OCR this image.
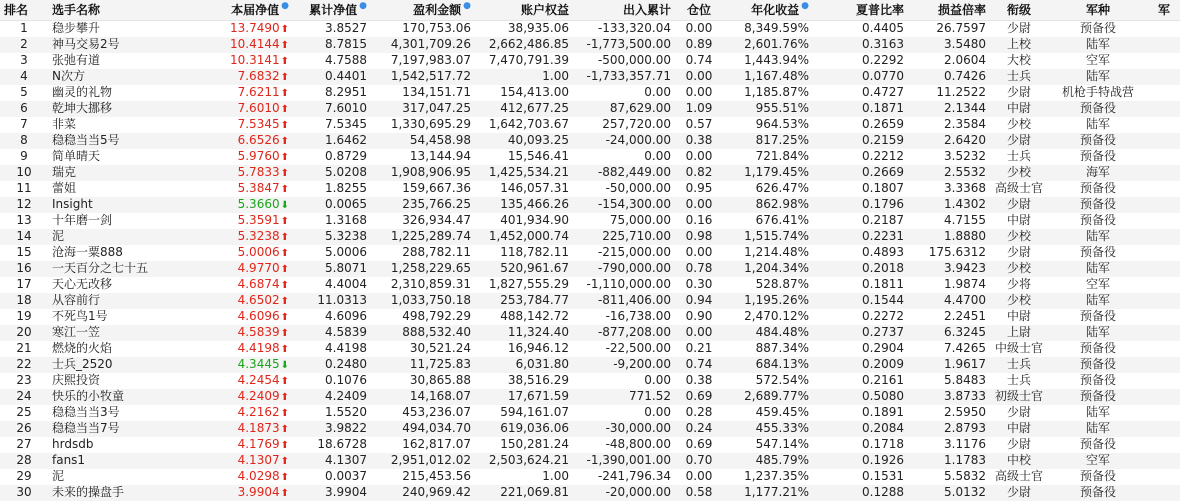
排名	选手名称	本届净值 ●	累计净值 ●	盈利金额 ●	账户权益	出入累计	仓位	年化收益 ●	夏普比率	损益倍率	衔级	军种	军
1	稳步攀升	13.7490⬆	3.8527	170,753.06	38,935.06	-133,320.04	0.00	8,349.59%	0.4405	26.7597	少尉	预备役	
2	神马交易2号	10.4144⬆	8.7815	4,301,709.26	2,662,486.85	-1,773,500.00	0.89	2,601.76%	0.3163	3.5480	上校	陆军	
3	张弛有道	10.3141⬆	4.7588	7,197,983.07	7,470,791.39	-500,000.00	0.74	1,443.94%	0.2292	2.0604	大校	空军	
4	N次方	7.6832⬆	0.4401	1,542,517.72	1.00	-1,733,357.71	0.00	1,167.48%	0.0770	0.7426	士兵	陆军	
5	幽灵的礼物	7.6211⬆	8.2951	134,151.71	154,413.00	0.00	0.00	1,185.87%	0.4727	11.2522	少尉	机枪手特战营	
6	乾坤大挪移	7.6010⬆	7.6010	317,047.25	412,677.25	87,629.00	1.09	955.51%	0.1871	2.1344	中尉	预备役	
7	非菜	7.5345⬆	7.5345	1,330,695.29	1,642,703.67	257,720.00	0.57	964.53%	0.2659	2.3584	少校	陆军	
8	稳稳当当5号	6.6526⬆	1.6462	54,458.98	40,093.25	-24,000.00	0.38	817.25%	0.2159	2.6420	少尉	预备役	
9	简单晴天	5.9760⬆	0.8729	13,144.94	15,546.41	0.00	0.00	721.84%	0.2212	3.5232	士兵	预备役	
10	瑞克	5.7833⬆	5.0208	1,908,906.95	1,425,534.21	-882,449.00	0.82	1,179.45%	0.2669	2.5532	少校	海军	
11	蕾姐	5.3847⬆	1.8255	159,667.36	146,057.31	-50,000.00	0.95	626.47%	0.1807	3.3368	高级士官	预备役	
12	Insight	5.3660⬇	0.0065	235,766.25	135,466.26	-154,300.00	0.00	862.98%	0.1796	1.4302	少尉	预备役	
13	十年磨一剑	5.3591⬆	1.3168	326,934.47	401,934.90	75,000.00	0.16	676.41%	0.2187	4.7155	中尉	预备役	
14	泥	5.3238⬆	5.3238	1,225,289.74	1,452,000.74	225,710.00	0.98	1,515.74%	0.2231	1.8880	少校	陆军	
15	沧海一粟888	5.0006⬆	5.0006	288,782.11	118,782.11	-215,000.00	0.00	1,214.48%	0.4893	175.6312	少尉	预备役	
16	一天百分之七十五	4.9770⬆	5.8071	1,258,229.65	520,961.67	-790,000.00	0.78	1,204.34%	0.2018	3.9423	少校	陆军	
17	天心无改移	4.6874⬆	4.4004	2,310,859.31	1,827,555.29	-1,110,000.00	0.30	528.87%	0.1811	1.9874	少将	空军	
18	从容前行	4.6502⬆	11.0313	1,033,750.18	253,784.77	-811,406.00	0.94	1,195.26%	0.1544	4.4700	少校	陆军	
19	不死鸟1号	4.6096⬆	4.6096	498,792.29	488,142.72	-16,738.00	0.90	2,470.12%	0.2272	2.2451	中尉	预备役	
20	寒江一笠	4.5839⬆	4.5839	888,532.40	11,324.40	-877,208.00	0.00	484.48%	0.2737	6.3245	上尉	陆军	
21	燃烧的火焰	4.4198⬆	4.4198	30,521.24	16,946.12	-22,500.00	0.21	887.34%	0.2904	7.4265	中级士官	预备役	
22	士兵_2520	4.3445⬇	0.2480	11,725.83	6,031.80	-9,200.00	0.74	684.13%	0.2009	1.9617	士兵	预备役	
23	庆熙投资	4.2454⬆	0.1076	30,865.88	38,516.29	0.00	0.38	572.54%	0.2161	5.8483	士兵	预备役	
24	快乐的小牧童	4.2409⬆	4.2409	14,168.07	17,671.59	771.52	0.69	2,689.77%	0.5080	3.8733	初级士官	预备役	
25	稳稳当当3号	4.2162⬆	1.5520	453,236.07	594,161.07	0.00	0.28	459.45%	0.1891	2.5950	少尉	陆军	
26	稳稳当当7号	4.1873⬆	3.9822	494,034.70	619,036.06	-30,000.00	0.24	455.33%	0.2084	2.8793	中尉	陆军	
27	hrdsdb	4.1769⬆	18.6728	162,817.07	150,281.24	-48,800.00	0.69	547.14%	0.1718	3.1176	少尉	预备役	
28	fans1	4.1307⬆	4.1307	2,951,012.02	2,503,624.21	-1,390,001.00	0.70	485.79%	0.1926	1.1783	中校	空军	
29	泥	4.0298⬆	0.0037	215,453.56	1.00	-241,796.34	0.00	1,237.35%	0.1531	5.5832	高级士官	预备役	
30	未来的操盘手	3.9904⬆	3.9904	240,969.42	221,069.81	-20,000.00	0.58	1,177.21%	0.1288	5.0132	少尉	预备役	
